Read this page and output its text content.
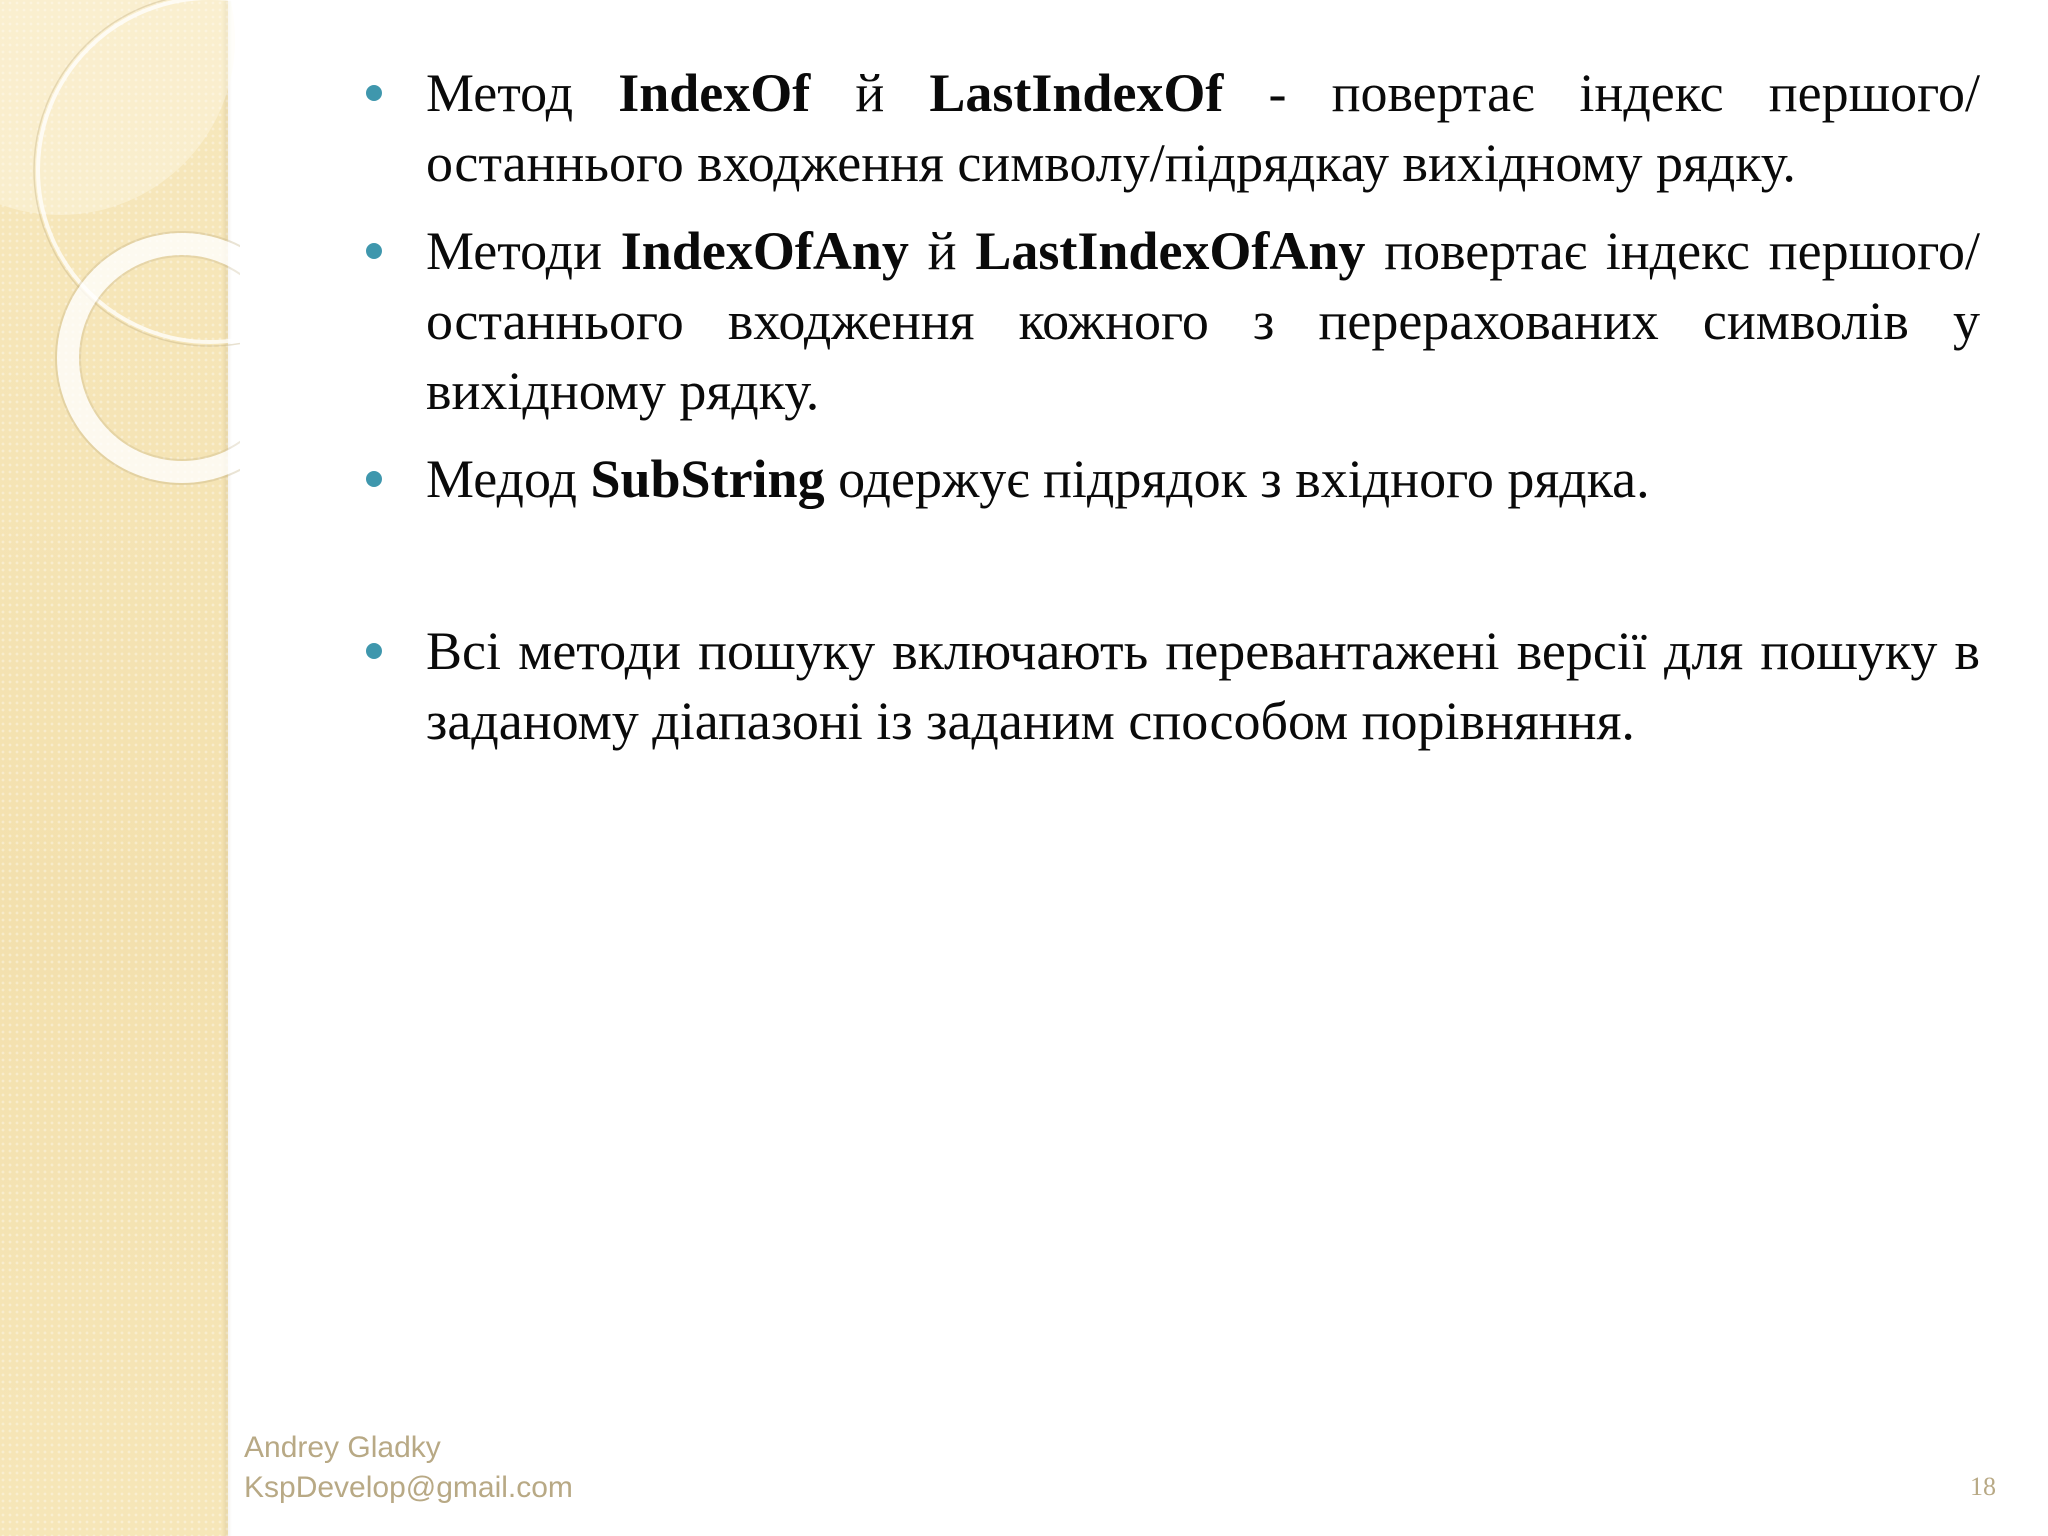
Метод IndexOf й LastIndexOf - повертає індекс першого/останнього входження символу/підрядкау вихідному рядку.
Методи IndexOfAny й LastIndexOfAny повертає індекс першого/ останнього входження кожного з перерахованих символів у вихідному рядку.
Медод SubString одержує підрядок з вхідного рядка.
Всі методи пошуку включають перевантажені версії для пошуку в заданому діапазоні із заданим способом порівняння.
Andrey Gladky
KspDevelop@gmail.com	18
